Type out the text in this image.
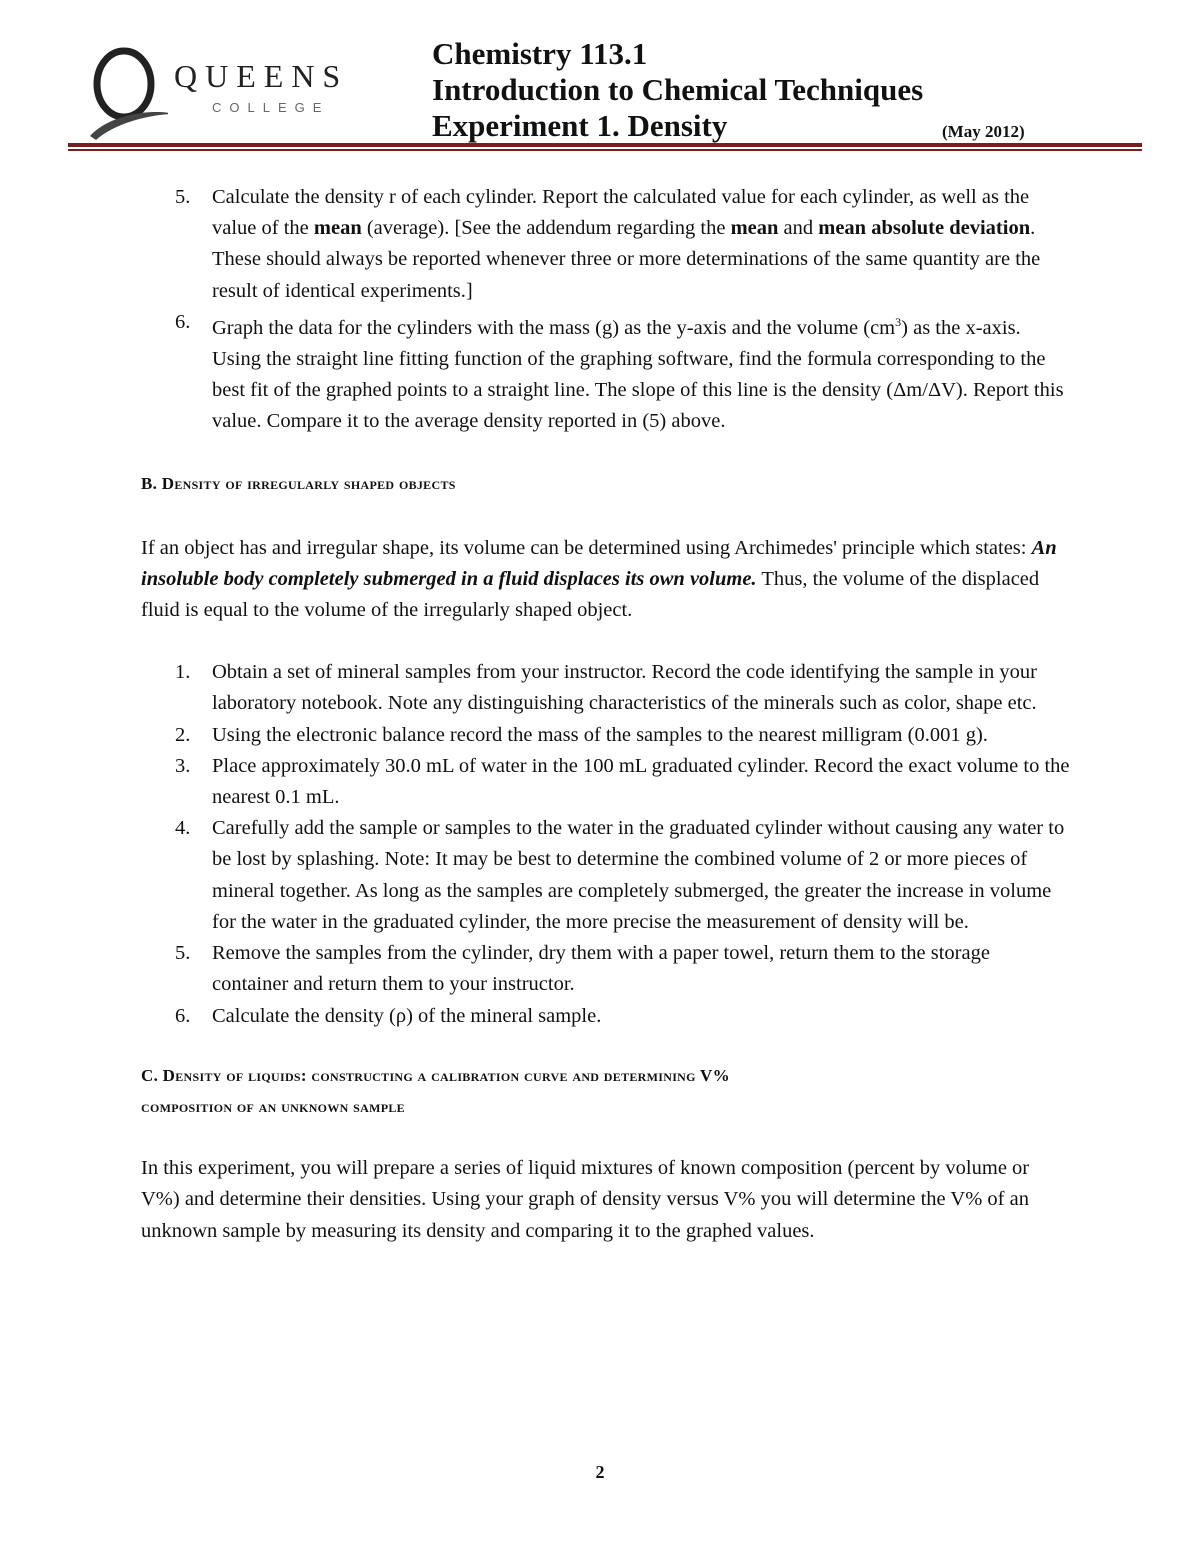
QUEENS
COLLEGE
Chemistry 113.1
Introduction to Chemical Techniques
Experiment 1. Density	(May 2012)
5. Calculate the density r of each cylinder. Report the calculated value for each cylinder, as well as the value of the mean (average). [See the addendum regarding the mean and mean absolute deviation. These should always be reported whenever three or more determinations of the same quantity are the result of identical experiments.]
6. Graph the data for the cylinders with the mass (g) as the y-axis and the volume $(cm^3)$ as the x-axis. Using the straight line fitting function of the graphing software, find the formula corresponding to the best fit of the graphed points to a straight line. The slope of this line is the density (Δm/ΔV). Report this value. Compare it to the average density reported in (5) above.
B. Density of irregularly shaped objects

If an object has and irregular shape, its volume can be determined using Archimedes' principle which states: An insoluble body completely submerged in a fluid displaces its own volume. Thus, the volume of the displaced fluid is equal to the volume of the irregularly shaped object.

1. Obtain a set of mineral samples from your instructor. Record the code identifying the sample in your laboratory notebook. Note any distinguishing characteristics of the minerals such as color, shape etc.
2. Using the electronic balance record the mass of the samples to the nearest milligram (0.001 g).
3. Place approximately 30.0 mL of water in the 100 mL graduated cylinder. Record the exact volume to the nearest 0.1 mL.
4. Carefully add the sample or samples to the water in the graduated cylinder without causing any water to be lost by splashing. Note: It may be best to determine the combined volume of 2 or more pieces of mineral together. As long as the samples are completely submerged, the greater the increase in volume for the water in the graduated cylinder, the more precise the measurement of density will be.
5. Remove the samples from the cylinder, dry them with a paper towel, return them to the storage container and return them to your instructor.
6. Calculate the density (ρ) of the mineral sample.
C. Density of liquids: constructing a calibration curve and determining V%
composition of an unknown sample

In this experiment, you will prepare a series of liquid mixtures of known composition (percent by volume or V%) and determine their densities. Using your graph of density versus V% you will determine the V% of an unknown sample by measuring its density and comparing it to the graphed values.

2
